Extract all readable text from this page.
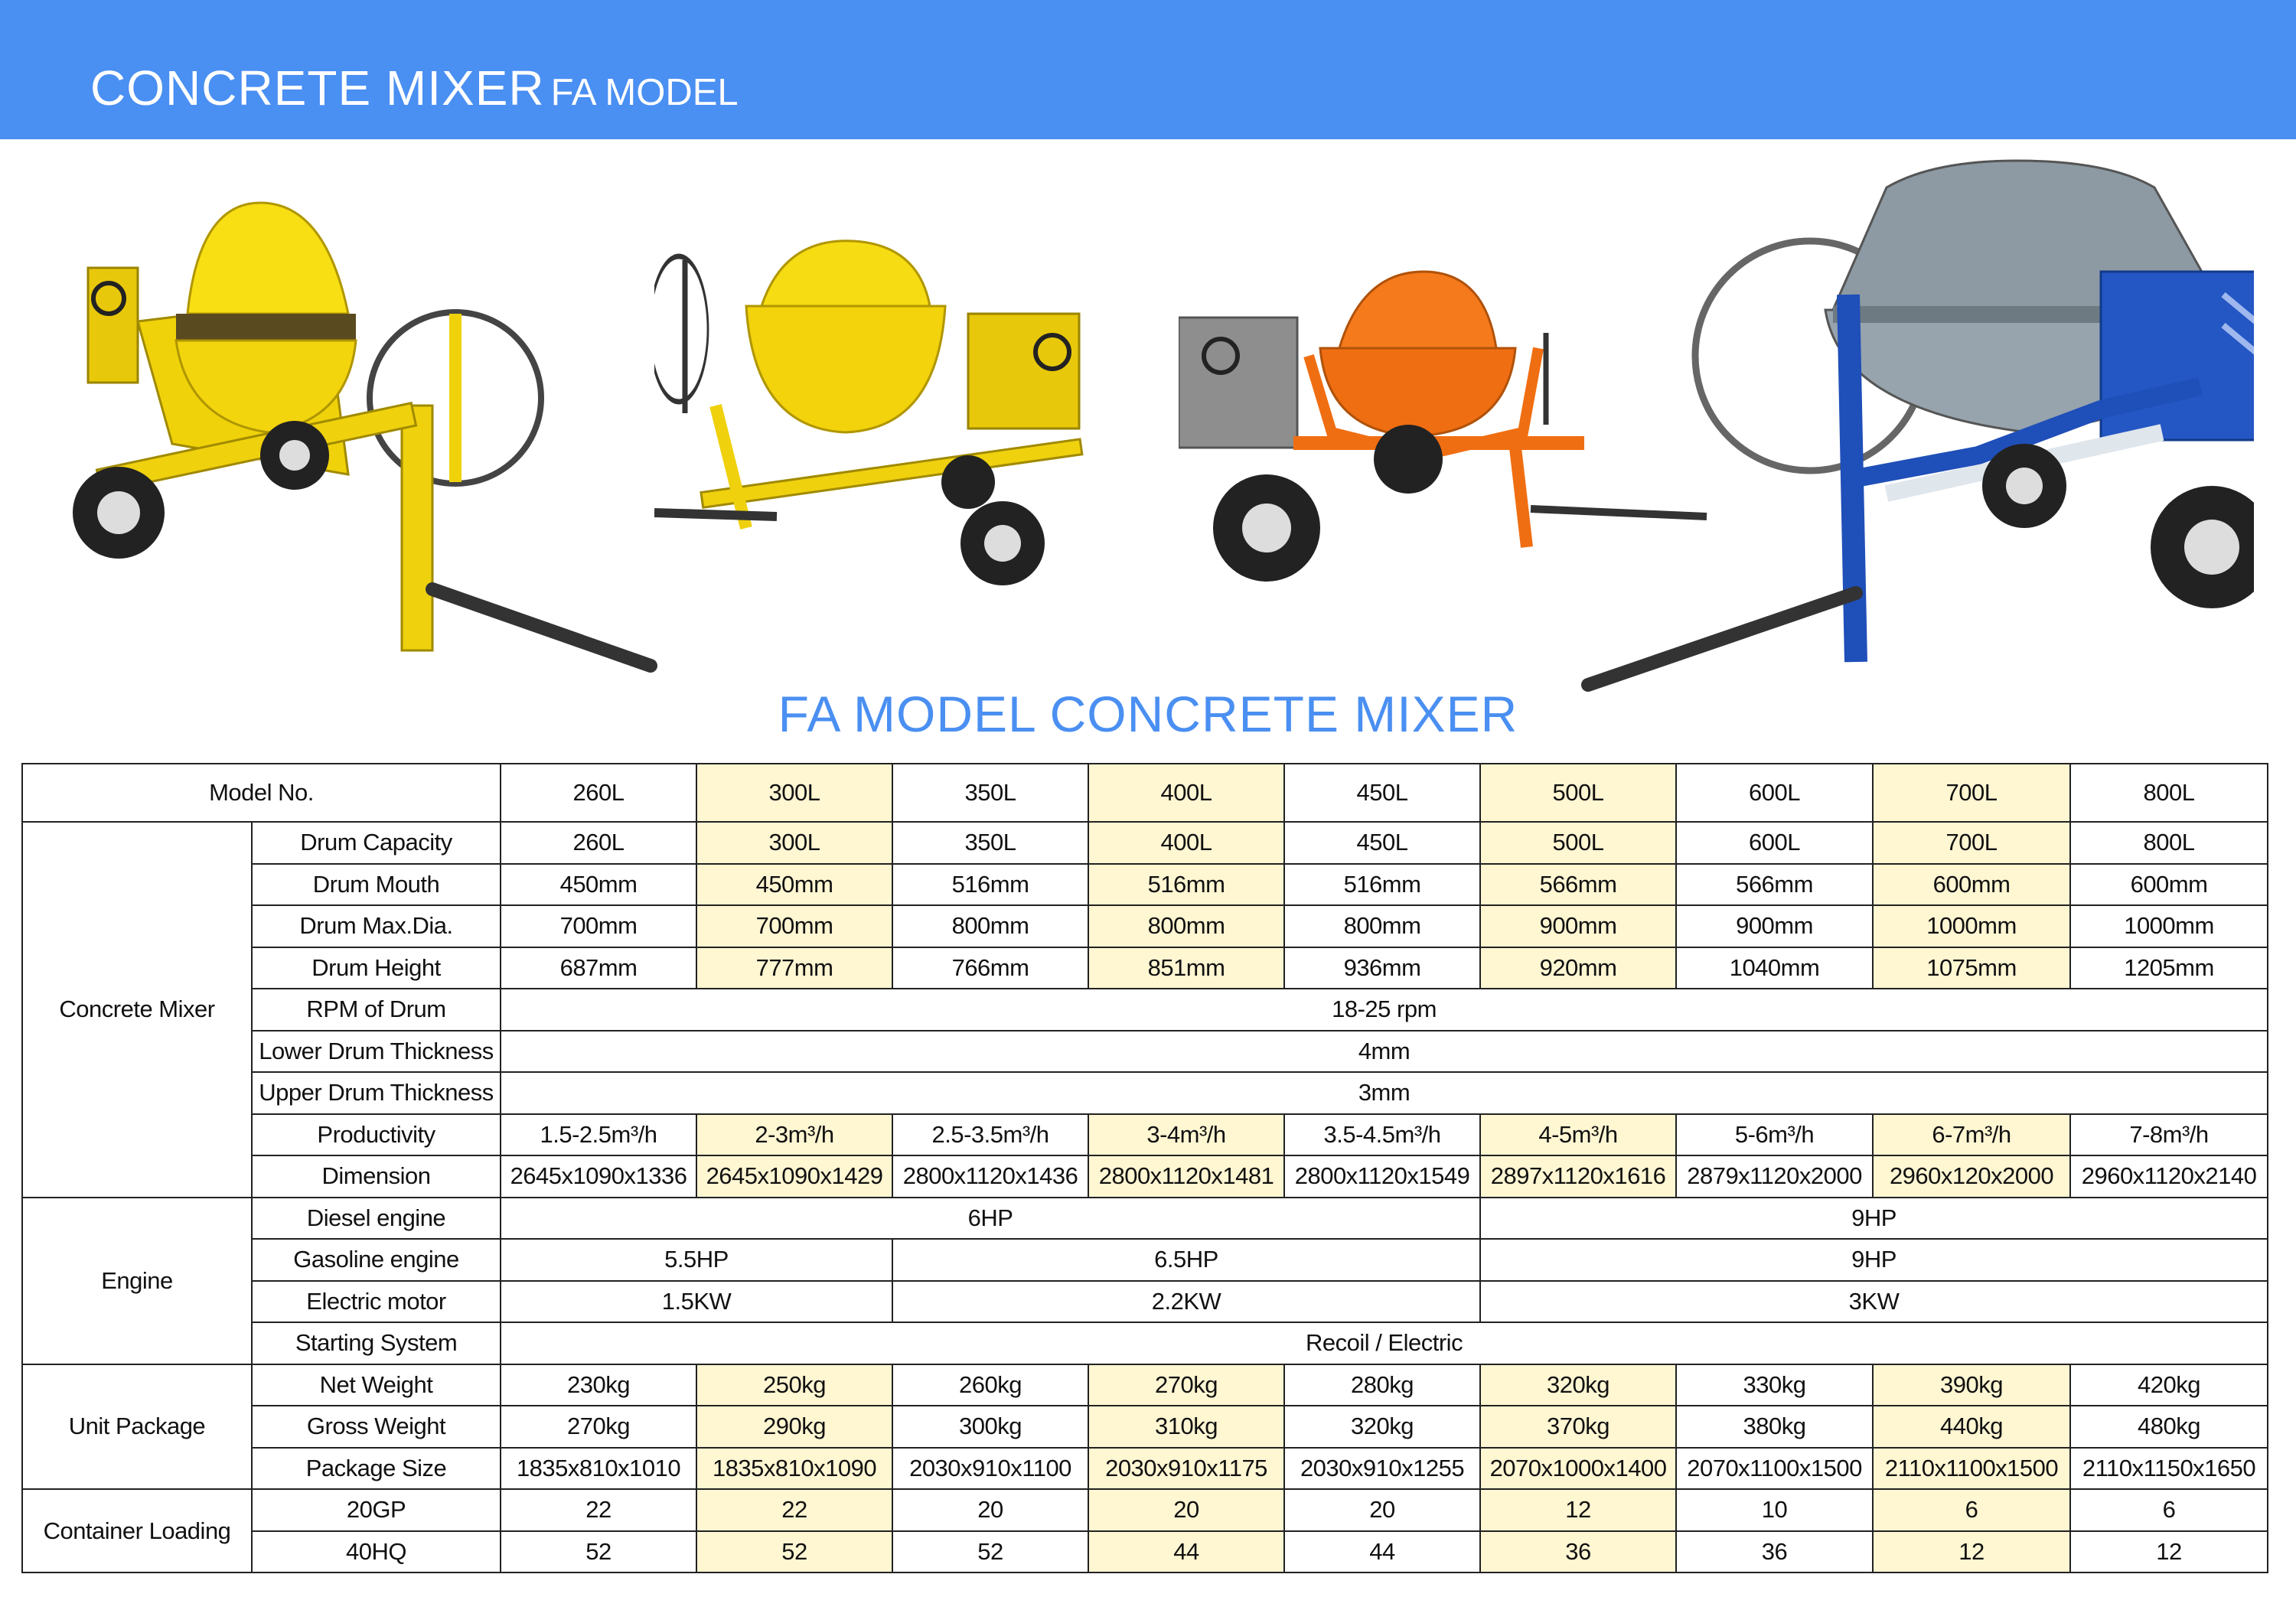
CONCRETE MIXER FA MODEL
FA MODEL CONCRETE MIXER
Model No.		260L	300L	350L	400L	450L	500L	600L	700L	800L
Concrete Mixer	Drum Capacity	260L	300L	350L	400L	450L	500L	600L	700L	800L
	Drum Mouth	450mm	450mm	516mm	516mm	516mm	566mm	566mm	600mm	600mm
	Drum Max.Dia.	700mm	700mm	800mm	800mm	800mm	900mm	900mm	1000mm	1000mm
	Drum Height	687mm	777mm	766mm	851mm	936mm	920mm	1040mm	1075mm	1205mm
	RPM of Drum	18-25 rpm								
	Lower Drum Thickness	4mm								
	Upper Drum Thickness	3mm								
	Productivity	1.5-2.5m³/h	2-3m³/h	2.5-3.5m³/h	3-4m³/h	3.5-4.5m³/h	4-5m³/h	5-6m³/h	6-7m³/h	7-8m³/h
	Dimension	2645x1090x1336	2645x1090x1429	2800x1120x1436	2800x1120x1481	2800x1120x1549	2897x1120x1616	2879x1120x2000	2960x120x2000	2960x1120x2140
Engine	Diesel engine	6HP					9HP			
	Gasoline engine	5.5HP		6.5HP			9HP			
	Electric motor	1.5KW		2.2KW			3KW			
	Starting System	Recoil / Electric								
Unit Package	Net Weight	230kg	250kg	260kg	270kg	280kg	320kg	330kg	390kg	420kg
	Gross Weight	270kg	290kg	300kg	310kg	320kg	370kg	380kg	440kg	480kg
	Package Size	1835x810x1010	1835x810x1090	2030x910x1100	2030x910x1175	2030x910x1255	2070x1000x1400	2070x1100x1500	2110x1100x1500	2110x1150x1650
Container Loading	20GP	22	22	20	20	20	12	10	6	6
	40HQ	52	52	52	44	44	36	36	12	12
